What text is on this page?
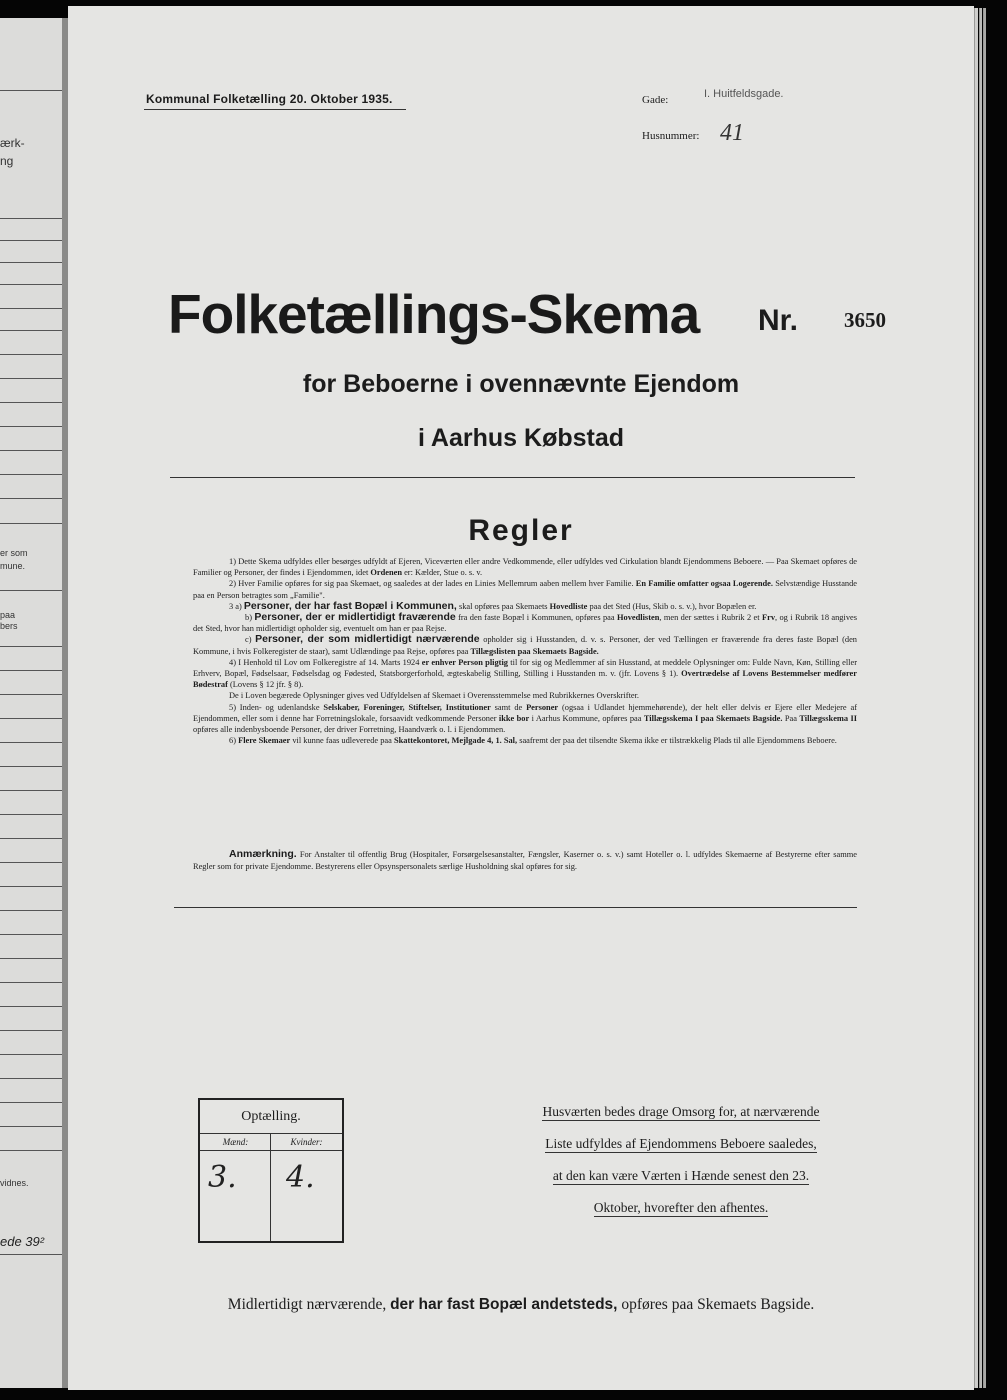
ærk-
ng
er som
mune.
paa
bers
vidnes.
ede 39²
Kommunal Folketælling 20. Oktober 1935.	Gade:	I. Huitfeldsgade.
Husnummer: 41
Folketællings-Skema Nr. 3650
for Beboerne i ovennævnte Ejendom
i Aarhus Købstad
Regler

1) Dette Skema udfyldes eller besørges udfyldt af Ejeren, Viceværten eller andre Vedkommende, eller udfyldes ved Cirkulation blandt Ejendommens Beboere. — Paa Skemaet opføres de Familier og Personer, der findes i Ejendommen, idet Ordenen er: Kælder, Stue o. s. v.

2) Hver Familie opføres for sig paa Skemaet, og saaledes at der lades en Linies Mellemrum aaben mellem hver Familie. En Familie omfatter ogsaa Logerende. Selvstændige Husstande paa en Person betragtes som „Familie".

3 a) Personer, der har fast Bopæl i Kommunen, skal opføres paa Skemaets Hovedliste paa det Sted (Hus, Skib o. s. v.), hvor Bopælen er.

b) Personer, der er midlertidigt fraværende fra den faste Bopæl i Kommunen, opføres paa Hovedlisten, men der sættes i Rubrik 2 et Frv, og i Rubrik 18 angives det Sted, hvor han midlertidigt opholder sig, eventuelt om han er paa Rejse.

c) Personer, der som midlertidigt nærværende opholder sig i Husstanden, d. v. s. Personer, der ved Tællingen er fraværende fra deres faste Bopæl (den Kommune, i hvis Folkeregister de staar), samt Udlændinge paa Rejse, opføres paa Tillægslisten paa Skemaets Bagside.

4) I Henhold til Lov om Folkeregistre af 14. Marts 1924 er enhver Person pligtig til for sig og Medlemmer af sin Husstand, at meddele Oplysninger om: Fulde Navn, Køn, Stilling eller Erhverv, Bopæl, Fødselsaar, Fødselsdag og Fødested, Statsborgerforhold, ægteskabelig Stilling, Stilling i Husstanden m. v. (jfr. Lovens § 1). Overtrædelse af Lovens Bestemmelser medfører Bødestraf (Lovens § 12 jfr. § 8).

De i Loven begærede Oplysninger gives ved Udfyldelsen af Skemaet i Overensstemmelse med Rubrikkernes Overskrifter.

5) Inden- og udenlandske Selskaber, Foreninger, Stiftelser, Institutioner samt de Personer (ogsaa i Udlandet hjemmehørende), der helt eller delvis er Ejere eller Medejere af Ejendommen, eller som i denne har Forretningslokale, forsaavidt vedkommende Personer ikke bor i Aarhus Kommune, opføres paa Tillægsskema I paa Skemaets Bagside. Paa Tillægsskema II opføres alle indenbysboende Personer, der driver Forretning, Haandværk o. l. i Ejendommen.

6) Flere Skemaer vil kunne faas udleverede paa Skattekontoret, Mejlgade 4, 1. Sal, saafremt der paa det tilsendte Skema ikke er tilstrækkelig Plads til alle Ejendommens Beboere.

Anmærkning. For Anstalter til offentlig Brug (Hospitaler, Forsørgelsesanstalter, Fængsler, Kaserner o. s. v.) samt Hoteller o. l. udfyldes Skemaerne af Bestyrerne efter samme Regler som for private Ejendomme. Bestyrerens eller Opsynspersonalets særlige Husholdning skal opføres for sig.

Optælling.
Mænd:	Kvinder:
3. 4.
Husværten bedes drage Omsorg for, at nærværende
Liste udfyldes af Ejendommens Beboere saaledes,
at den kan være Værten i Hænde senest den 23.
Oktober, hvorefter den afhentes.
Midlertidigt nærværende, der har fast Bopæl andetsteds, opføres paa Skemaets Bagside.
